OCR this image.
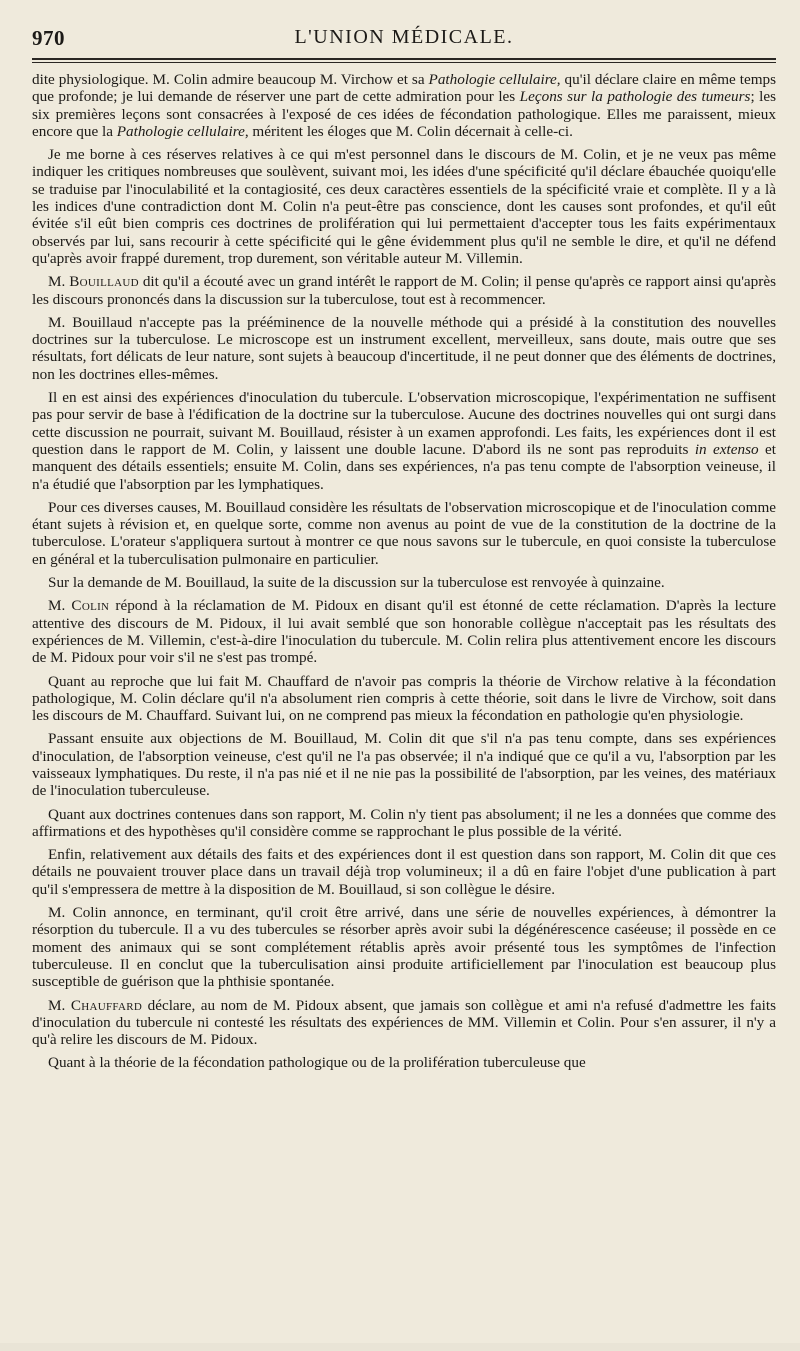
970	L'UNION MÉDICALE.

dite physiologique. M. Colin admire beaucoup M. Virchow et sa Pathologie cellulaire, qu'il déclare claire en même temps que profonde; je lui demande de réserver une part de cette admiration pour les Leçons sur la pathologie des tumeurs; les six premières leçons sont consacrées à l'exposé de ces idées de fécondation pathologique. Elles me paraissent, mieux encore que la Pathologie cellulaire, méritent les éloges que M. Colin décernait à celle-ci.

Je me borne à ces réserves relatives à ce qui m'est personnel dans le discours de M. Colin, et je ne veux pas même indiquer les critiques nombreuses que soulèvent, suivant moi, les idées d'une spécificité qu'il déclare ébauchée quoiqu'elle se traduise par l'inoculabilité et la contagiosité, ces deux caractères essentiels de la spécificité vraie et complète. Il y a là les indices d'une contradiction dont M. Colin n'a peut-être pas conscience, dont les causes sont profondes, et qu'il eût évitée s'il eût bien compris ces doctrines de prolifération qui lui permettaient d'accepter tous les faits expérimentaux observés par lui, sans recourir à cette spécificité qui le gêne évidemment plus qu'il ne semble le dire, et qu'il ne défend qu'après avoir frappé durement, trop durement, son véritable auteur M. Villemin.

M. Bouillaud dit qu'il a écouté avec un grand intérêt le rapport de M. Colin; il pense qu'après ce rapport ainsi qu'après les discours prononcés dans la discussion sur la tuberculose, tout est à recommencer.

M. Bouillaud n'accepte pas la prééminence de la nouvelle méthode qui a présidé à la constitution des nouvelles doctrines sur la tuberculose. Le microscope est un instrument excellent, merveilleux, sans doute, mais outre que ses résultats, fort délicats de leur nature, sont sujets à beaucoup d'incertitude, il ne peut donner que des éléments de doctrines, non les doctrines elles-mêmes.

Il en est ainsi des expériences d'inoculation du tubercule. L'observation microscopique, l'expérimentation ne suffisent pas pour servir de base à l'édification de la doctrine sur la tuberculose. Aucune des doctrines nouvelles qui ont surgi dans cette discussion ne pourrait, suivant M. Bouillaud, résister à un examen approfondi. Les faits, les expériences dont il est question dans le rapport de M. Colin, y laissent une double lacune. D'abord ils ne sont pas reproduits in extenso et manquent des détails essentiels; ensuite M. Colin, dans ses expériences, n'a pas tenu compte de l'absorption veineuse, il n'a étudié que l'absorption par les lymphatiques.

Pour ces diverses causes, M. Bouillaud considère les résultats de l'observation microscopique et de l'inoculation comme étant sujets à révision et, en quelque sorte, comme non avenus au point de vue de la constitution de la doctrine de la tuberculose. L'orateur s'appliquera surtout à montrer ce que nous savons sur le tubercule, en quoi consiste la tuberculose en général et la tuberculisation pulmonaire en particulier.

Sur la demande de M. Bouillaud, la suite de la discussion sur la tuberculose est renvoyée à quinzaine.

M. Colin répond à la réclamation de M. Pidoux en disant qu'il est étonné de cette réclamation. D'après la lecture attentive des discours de M. Pidoux, il lui avait semblé que son honorable collègue n'acceptait pas les résultats des expériences de M. Villemin, c'est-à-dire l'inoculation du tubercule. M. Colin relira plus attentivement encore les discours de M. Pidoux pour voir s'il ne s'est pas trompé.

Quant au reproche que lui fait M. Chauffard de n'avoir pas compris la théorie de Virchow relative à la fécondation pathologique, M. Colin déclare qu'il n'a absolument rien compris à cette théorie, soit dans le livre de Virchow, soit dans les discours de M. Chauffard. Suivant lui, on ne comprend pas mieux la fécondation en pathologie qu'en physiologie.

Passant ensuite aux objections de M. Bouillaud, M. Colin dit que s'il n'a pas tenu compte, dans ses expériences d'inoculation, de l'absorption veineuse, c'est qu'il ne l'a pas observée; il n'a indiqué que ce qu'il a vu, l'absorption par les vaisseaux lymphatiques. Du reste, il n'a pas nié et il ne nie pas la possibilité de l'absorption, par les veines, des matériaux de l'inoculation tuberculeuse.

Quant aux doctrines contenues dans son rapport, M. Colin n'y tient pas absolument; il ne les a données que comme des affirmations et des hypothèses qu'il considère comme se rapprochant le plus possible de la vérité.

Enfin, relativement aux détails des faits et des expériences dont il est question dans son rapport, M. Colin dit que ces détails ne pouvaient trouver place dans un travail déjà trop volumineux; il a dû en faire l'objet d'une publication à part qu'il s'empressera de mettre à la disposition de M. Bouillaud, si son collègue le désire.

M. Colin annonce, en terminant, qu'il croit être arrivé, dans une série de nouvelles expériences, à démontrer la résorption du tubercule. Il a vu des tubercules se résorber après avoir subi la dégénérescence caséeuse; il possède en ce moment des animaux qui se sont complétement rétablis après avoir présenté tous les symptômes de l'infection tuberculeuse. Il en conclut que la tuberculisation ainsi produite artificiellement par l'inoculation est beaucoup plus susceptible de guérison que la phthisie spontanée.

M. Chauffard déclare, au nom de M. Pidoux absent, que jamais son collègue et ami n'a refusé d'admettre les faits d'inoculation du tubercule ni contesté les résultats des expériences de MM. Villemin et Colin. Pour s'en assurer, il n'y a qu'à relire les discours de M. Pidoux.

Quant à la théorie de la fécondation pathologique ou de la prolifération tuberculeuse que
